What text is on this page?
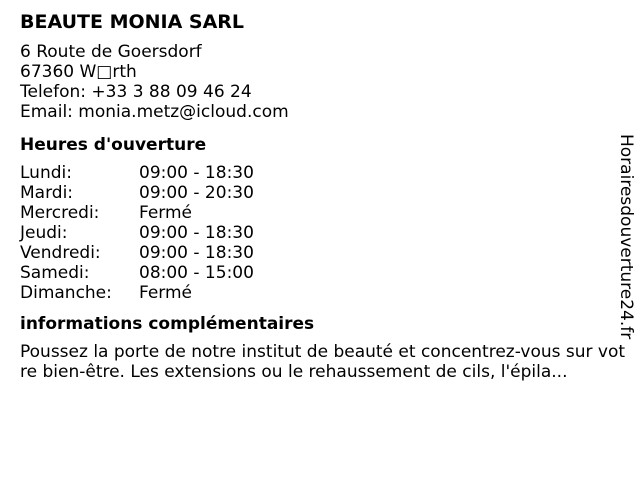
BEAUTE MONIA SARL
6 Route de Goersdorf
67360 W□rth
Telefon: +33 3 88 09 46 24
Email: monia.metz@icloud.com
Heures d'ouverture
Lundi:	09:00 - 18:30
Mardi:	09:00 - 20:30
Mercredi: Fermé
Jeudi:	09:00 - 18:30
Vendredi: 09:00 - 18:30
Samedi:	08:00 - 15:00
Dimanche: Fermé
informations complémentaires
Poussez la porte de notre institut de beauté et concentrez-vous sur votre bien-être. Les extensions ou le rehaussement de cils, l'épila...
Horairesdouverture24.fr
